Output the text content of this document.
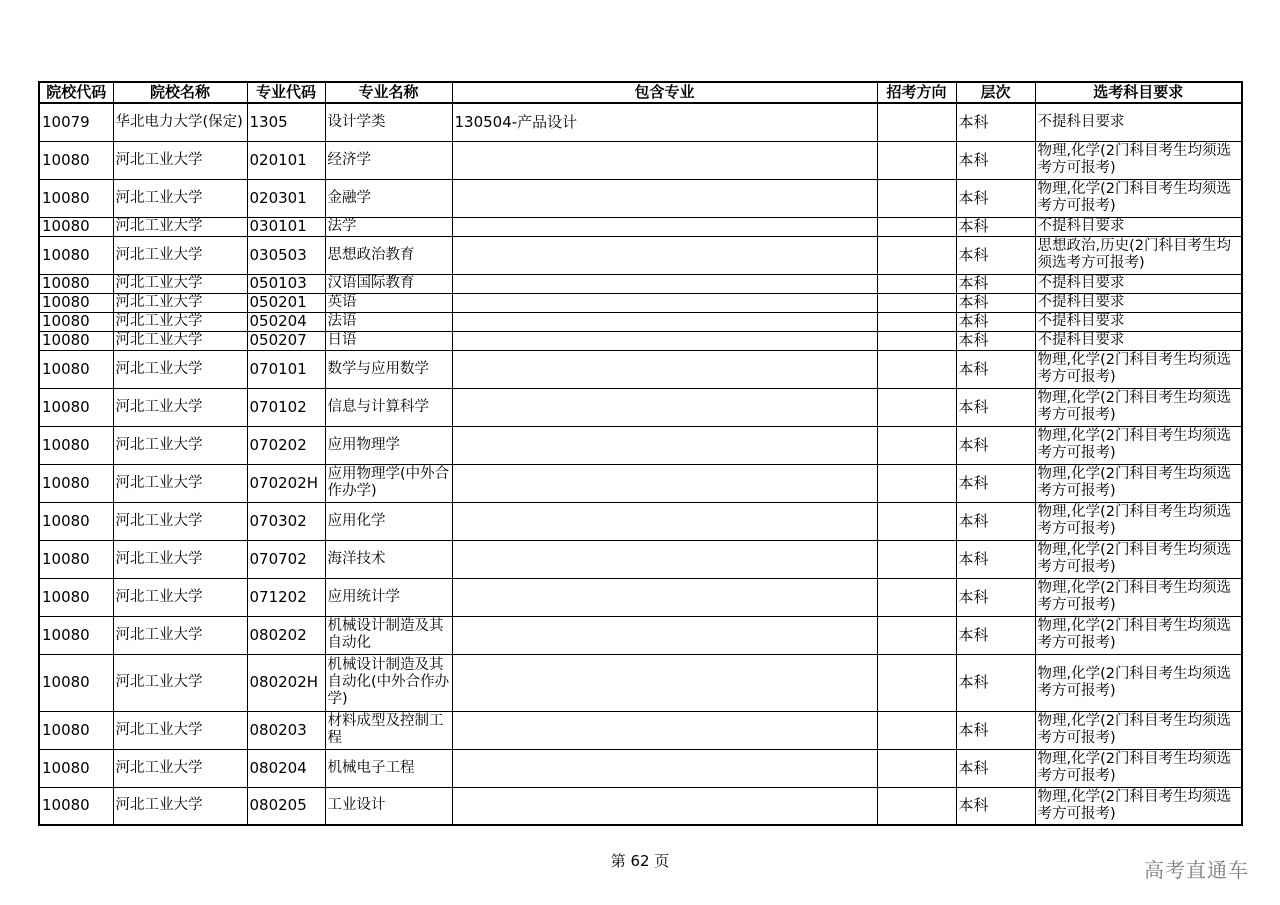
院校代码	院校名称	专业代码	专业名称	包含专业	招考方向	层次	选考科目要求
10079	华北电力大学(保定)	1305	设计学类	130504-产品设计		本科	不提科目要求
10080	河北工业大学	020101	经济学			本科	物理,化学(2门科目考生均须选考方可报考)
10080	河北工业大学	020301	金融学			本科	物理,化学(2门科目考生均须选考方可报考)
10080	河北工业大学	030101	法学			本科	不提科目要求
10080	河北工业大学	030503	思想政治教育			本科	思想政治,历史(2门科目考生均须选考方可报考)
10080	河北工业大学	050103	汉语国际教育			本科	不提科目要求
10080	河北工业大学	050201	英语			本科	不提科目要求
10080	河北工业大学	050204	法语			本科	不提科目要求
10080	河北工业大学	050207	日语			本科	不提科目要求
10080	河北工业大学	070101	数学与应用数学			本科	物理,化学(2门科目考生均须选考方可报考)
10080	河北工业大学	070102	信息与计算科学			本科	物理,化学(2门科目考生均须选考方可报考)
10080	河北工业大学	070202	应用物理学			本科	物理,化学(2门科目考生均须选考方可报考)
10080	河北工业大学	070202H	应用物理学(中外合作办学)			本科	物理,化学(2门科目考生均须选考方可报考)
10080	河北工业大学	070302	应用化学			本科	物理,化学(2门科目考生均须选考方可报考)
10080	河北工业大学	070702	海洋技术			本科	物理,化学(2门科目考生均须选考方可报考)
10080	河北工业大学	071202	应用统计学			本科	物理,化学(2门科目考生均须选考方可报考)
10080	河北工业大学	080202	机械设计制造及其自动化			本科	物理,化学(2门科目考生均须选考方可报考)
10080	河北工业大学	080202H	机械设计制造及其自动化(中外合作办学)			本科	物理,化学(2门科目考生均须选考方可报考)
10080	河北工业大学	080203	材料成型及控制工程			本科	物理,化学(2门科目考生均须选考方可报考)
10080	河北工业大学	080204	机械电子工程			本科	物理,化学(2门科目考生均须选考方可报考)
10080	河北工业大学	080205	工业设计			本科	物理,化学(2门科目考生均须选考方可报考)
第 62 页	高考直通车
